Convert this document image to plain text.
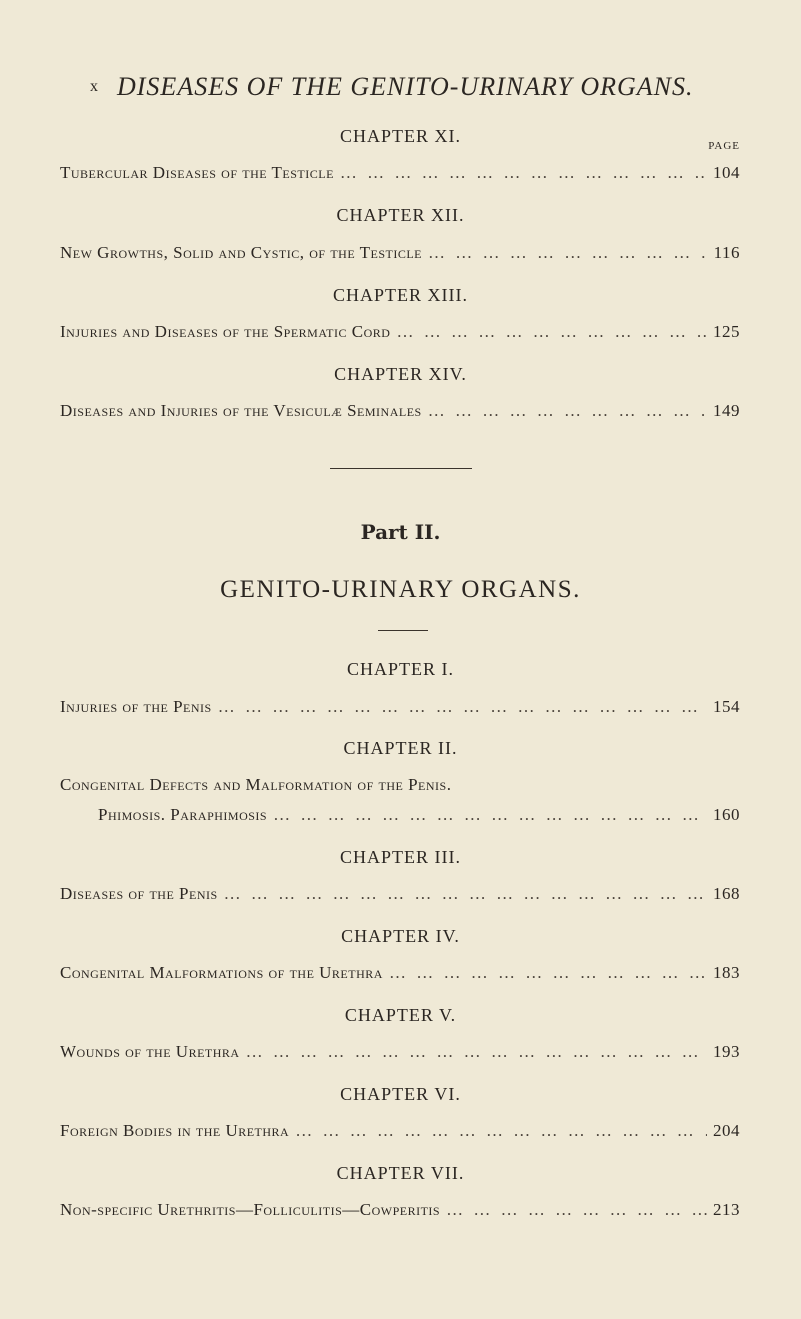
x DISEASES OF THE GENITO-URINARY ORGANS.
PAGE
CHAPTER XI.
Tubercular Diseases of the Testicle … … … … … … … … … … … … … … … … … … … … … … … … … … … … … … …	104
CHAPTER XII.
New Growths, Solid and Cystic, of the Testicle … … … … … … … … … … … … … … … … … … … … … … … … … … … … … … …	116
CHAPTER XIII.
Injuries and Diseases of the Spermatic Cord … … … … … … … … … … … … … … … … … … … … … … … … … … … … … … …	125
CHAPTER XIV.
Diseases and Injuries of the Vesiculæ Seminales … … … … … … … … … … … … … … … … … … … … … … … … … … … … … … …	149
Part II.
GENITO-URINARY ORGANS.
CHAPTER I.
Injuries of the Penis … … … … … … … … … … … … … … … … … … … … … … … … … … … … … … …	154
CHAPTER II.
Congenital Defects and Malformation of the Penis.
Phimosis. Paraphimosis … … … … … … … … … … … … … … … … … … … … … … … … … … … … … … …	160
CHAPTER III.
Diseases of the Penis … … … … … … … … … … … … … … … … … … … … … … … … … … … … … … …	168
CHAPTER IV.
Congenital Malformations of the Urethra … … … … … … … … … … … … … … … … … … … … … … … … … … … … … … …	183
CHAPTER V.
Wounds of the Urethra … … … … … … … … … … … … … … … … … … … … … … … … … … … … … … …	193
CHAPTER VI.
Foreign Bodies in the Urethra … … … … … … … … … … … … … … … … … … … … … … … … … … … … … … …	204
CHAPTER VII.
Non-specific Urethritis—Folliculitis—Cowperitis … … … … … … … … … … … … … … … … … … … … … … … … … … … … … … …	213
